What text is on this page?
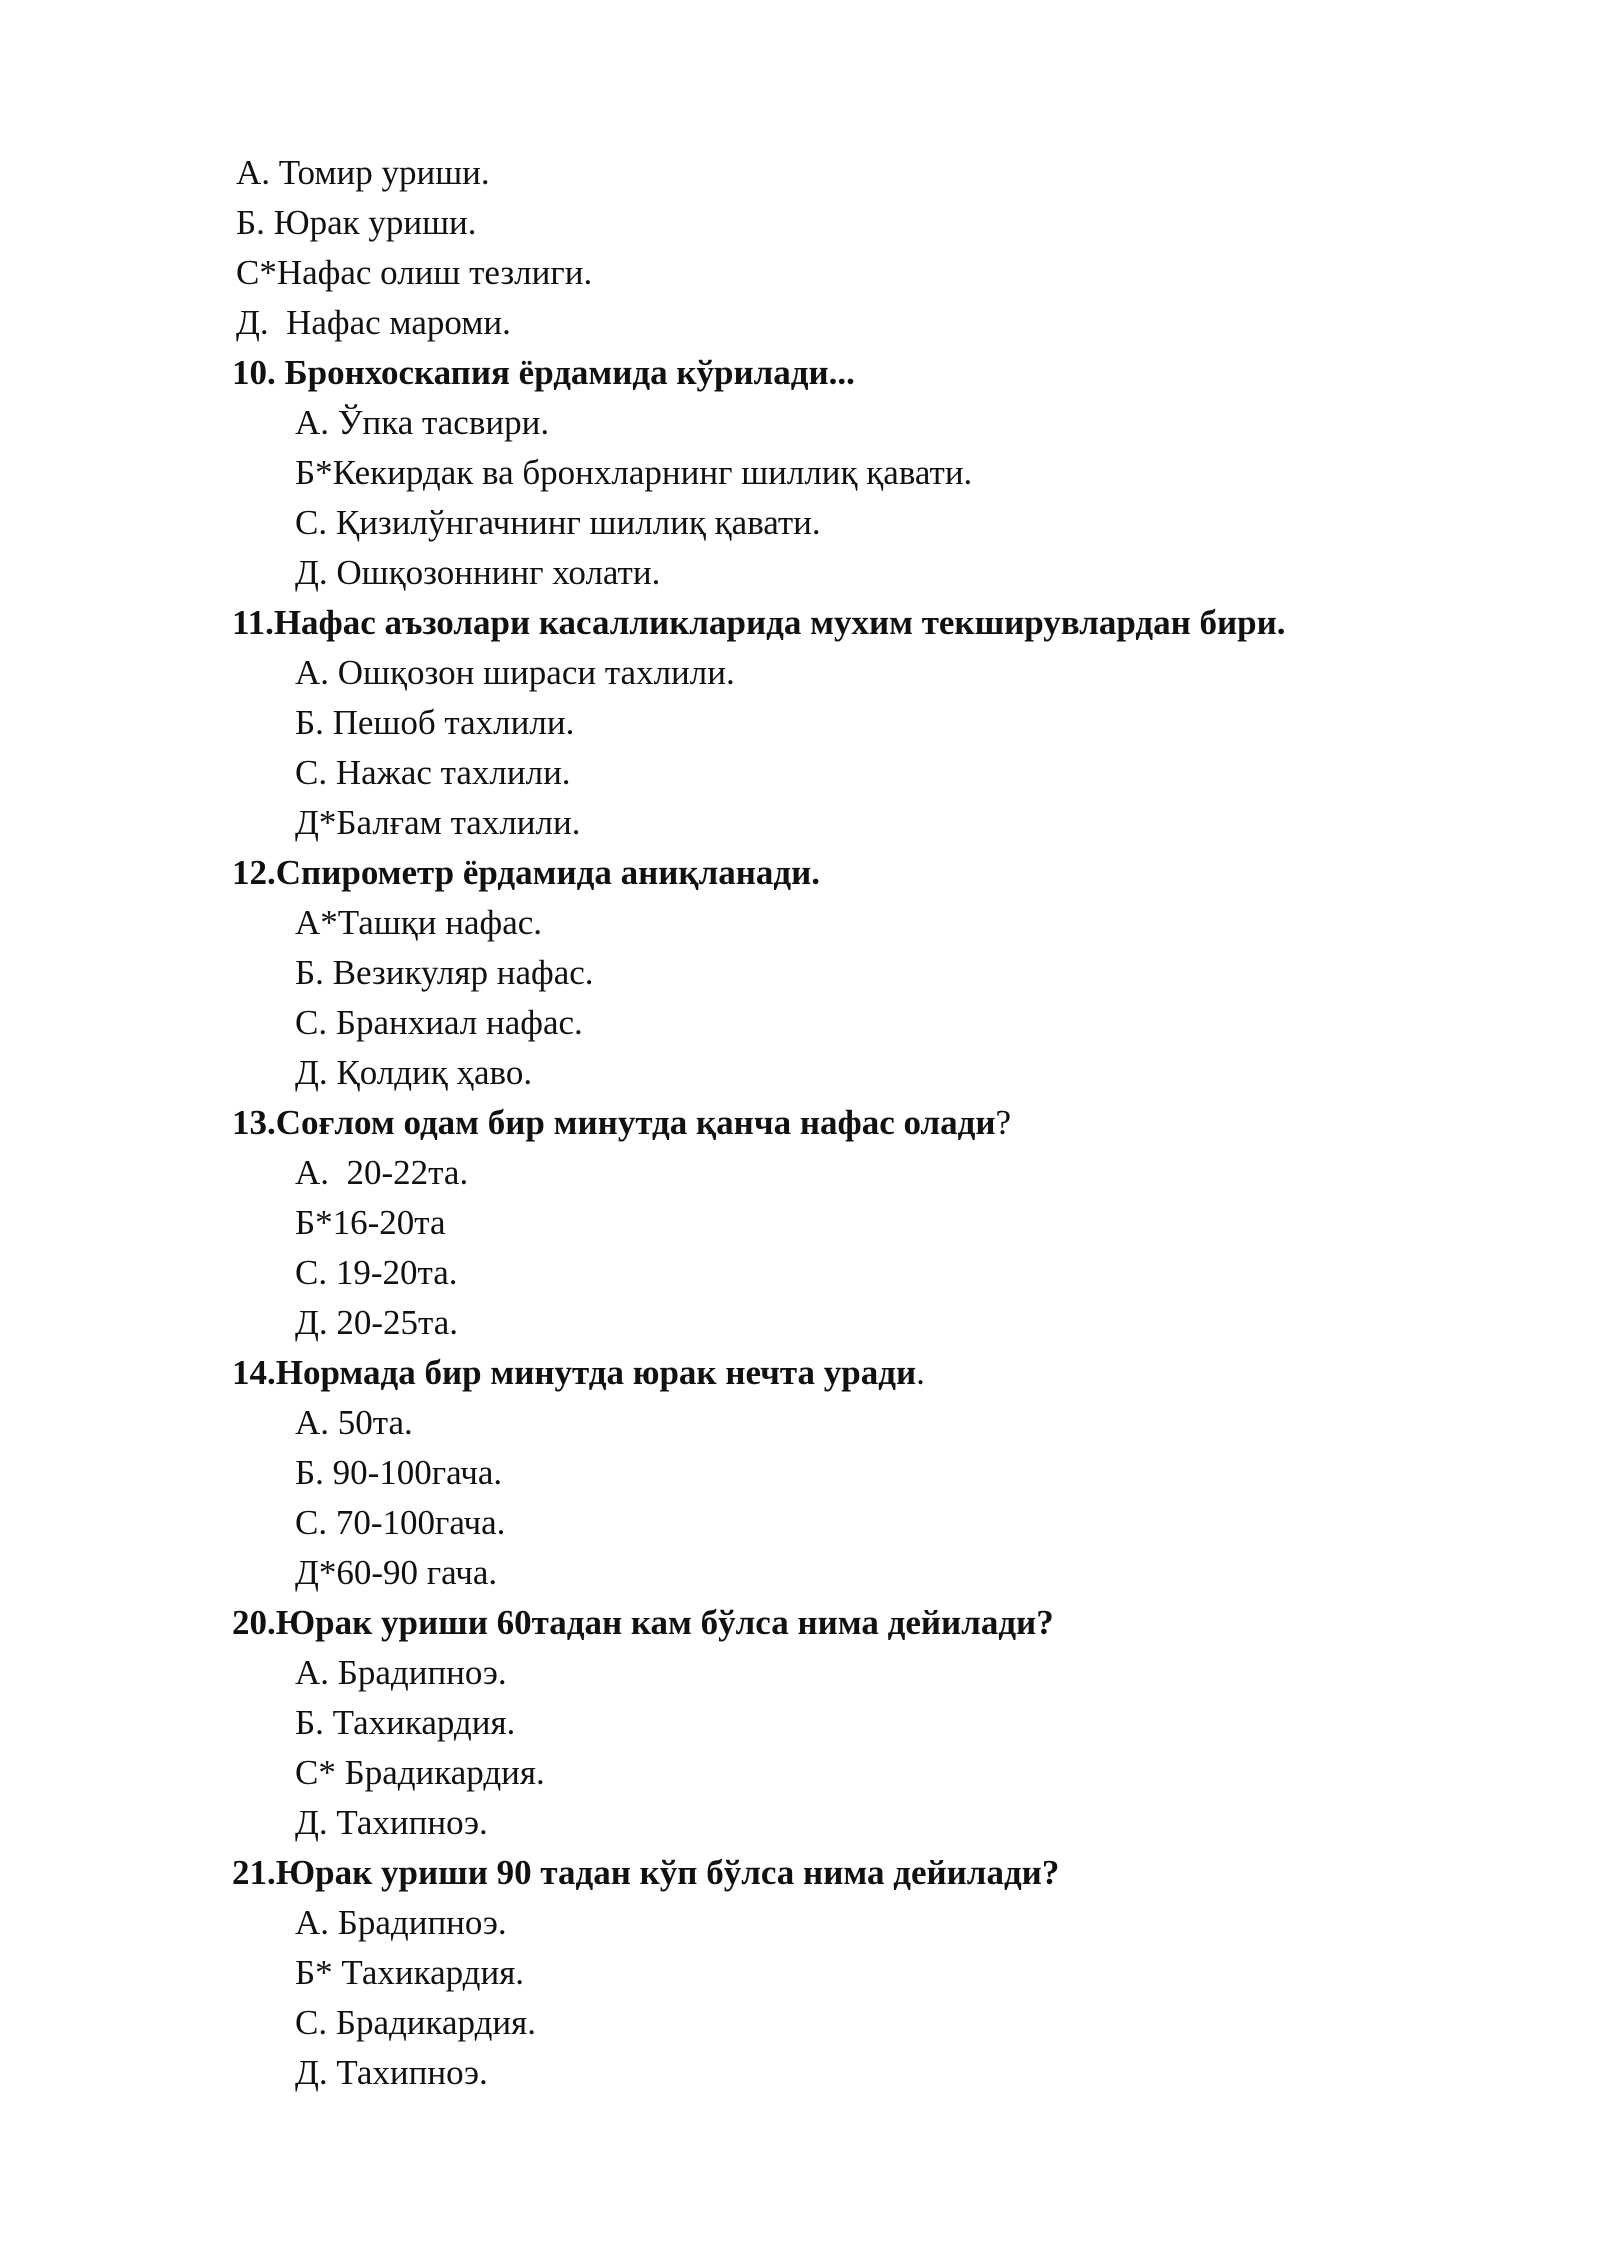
А. Томир уриши.
Б. Юрак уриши.
С*Нафас олиш тезлиги.
Д.  Нафас мароми.
10. Бронхоскапия ёрдамида кўрилади...
А. Ўпка тасвири.
Б*Кекирдак ва бронхларнинг шиллиқ қавати.
С. Қизилўнгачнинг шиллиқ қавати.
Д. Ошқозоннинг холати.
11.Нафас аъзолари касалликларида мухим текширувлардан бири.
А. Ошқозон шираси тахлили.
Б. Пешоб тахлили.
С. Нажас тахлили.
Д*Балғам тахлили.
12.Спирометр ёрдамида аниқланади.
А*Ташқи нафас.
Б. Везикуляр нафас.
С. Бранхиал нафас.
Д. Қолдиқ ҳаво.
13.Соғлом одам бир минутда қанча нафас олади?
А.  20-22та.
Б*16-20та
С. 19-20та.
Д. 20-25та.
14.Нормада бир минутда юрак нечта уради.
А. 50та.
Б. 90-100гача.
С. 70-100гача.
Д*60-90 гача.
20.Юрак уриши 60тадан кам бўлса нима дейилади?
А. Брадипноэ.
Б. Тахикардия.
С* Брадикардия.
Д. Тахипноэ.
21.Юрак уриши 90 тадан кўп бўлса нима дейилади?
А. Брадипноэ.
Б* Тахикардия.
С. Брадикардия.
Д. Тахипноэ.
